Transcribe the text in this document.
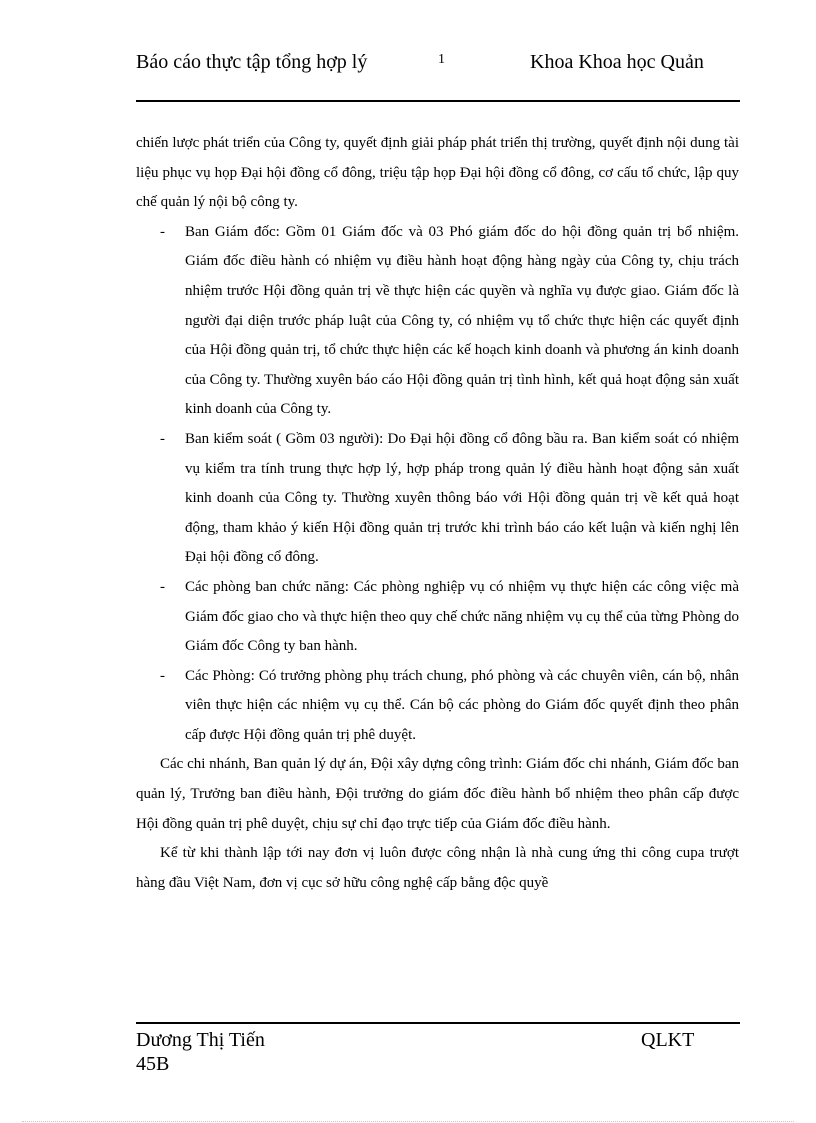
Báo cáo thực tập tổng hợp lý	1	Khoa Khoa học Quản

chiến lược phát triển của Công ty, quyết định giải pháp phát triển thị trường, quyết định nội dung tài liệu phục vụ họp Đại hội đồng cổ đông, triệu tập họp Đại hội đồng cổ đông, cơ cấu tổ chức, lập quy chế quản lý nội bộ công ty.

- Ban Giám đốc: Gồm 01 Giám đốc và 03 Phó giám đốc do hội đồng quản trị bổ nhiệm. Giám đốc điều hành có nhiệm vụ điều hành hoạt động hàng ngày của Công ty, chịu trách nhiệm trước Hội đồng quản trị về thực hiện các quyền và nghĩa vụ được giao. Giám đốc là người đại diện trước pháp luật của Công ty, có nhiệm vụ tổ chức thực hiện các quyết định của Hội đồng quản trị, tổ chức thực hiện các kế hoạch kinh doanh và phương án kinh doanh của Công ty. Thường xuyên báo cáo Hội đồng quản trị tình hình, kết quả hoạt động sản xuất kinh doanh của Công ty.
- Ban kiểm soát ( Gồm 03 người): Do Đại hội đồng cổ đông bầu ra. Ban kiểm soát có nhiệm vụ kiểm tra tính trung thực hợp lý, hợp pháp trong quản lý điều hành hoạt động sản xuất kinh doanh của Công ty. Thường xuyên thông báo với Hội đồng quản trị về kết quả hoạt động, tham khảo ý kiến Hội đồng quản trị trước khi trình báo cáo kết luận và kiến nghị lên Đại hội đồng cổ đông.
- Các phòng ban chức năng: Các phòng nghiệp vụ có nhiệm vụ thực hiện các công việc mà Giám đốc giao cho và thực hiện theo quy chế chức năng nhiệm vụ cụ thể của từng Phòng do Giám đốc Công ty ban hành.
- Các Phòng: Có trưởng phòng phụ trách chung, phó phòng và các chuyên viên, cán bộ, nhân viên thực hiện các nhiệm vụ cụ thể. Cán bộ các phòng do Giám đốc quyết định theo phân cấp được Hội đồng quản trị phê duyệt.

Các chi nhánh, Ban quản lý dự án, Đội xây dựng công trình: Giám đốc chi nhánh, Giám đốc ban quản lý, Trưởng ban điều hành, Đội trưởng do giám đốc điều hành bổ nhiệm theo phân cấp được Hội đồng quản trị phê duyệt, chịu sự chỉ đạo trực tiếp của Giám đốc điều hành.

Kể từ khi thành lập tới nay đơn vị luôn được công nhận là nhà cung ứng thi công cupa trượt hàng đầu Việt Nam, đơn vị cục sở hữu công nghệ cấp bằng độc quyề

Dương Thị Tiến 45B
QLKT
